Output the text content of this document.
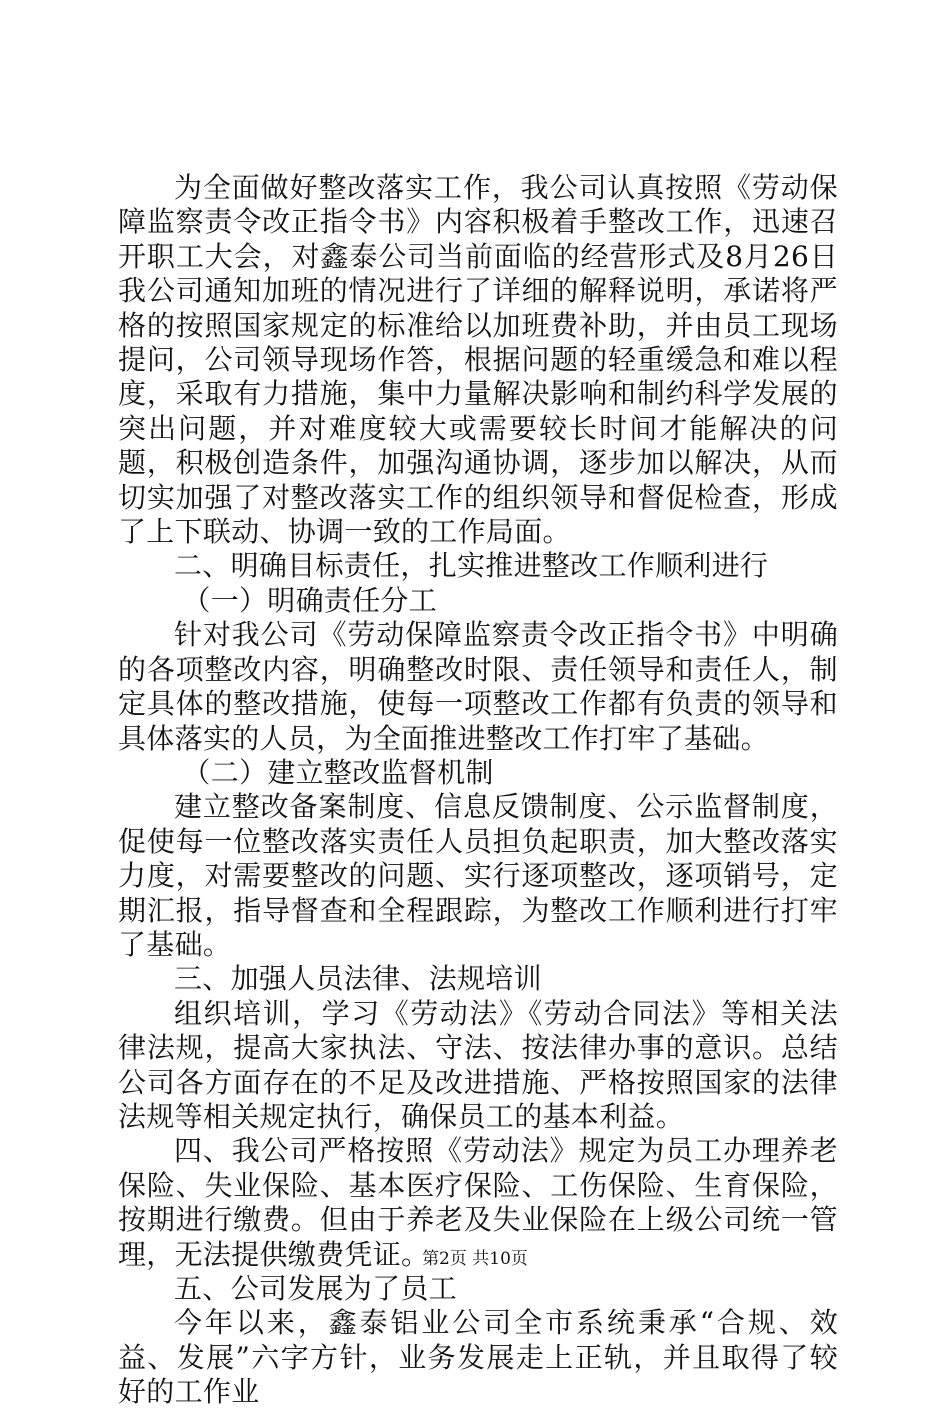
为全面做好整改落实工作，我公司认真按照《劳动保障监察责令改正指令书》内容积极着手整改工作，迅速召开职工大会，对鑫泰公司当前面临的经营形式及8月26日我公司通知加班的情况进行了详细的解释说明，承诺将严格的按照国家规定的标准给以加班费补助，并由员工现场提问，公司领导现场作答，根据问题的轻重缓急和难以程度，采取有力措施，集中力量解决影响和制约科学发展的突出问题，并对难度较大或需要较长时间才能解决的问题，积极创造条件，加强沟通协调，逐步加以解决，从而切实加强了对整改落实工作的组织领导和督促检查，形成了上下联动、协调一致的工作局面。

二、明确目标责任，扎实推进整改工作顺利进行

（一）明确责任分工

针对我公司《劳动保障监察责令改正指令书》中明确的各项整改内容，明确整改时限、责任领导和责任人，制定具体的整改措施，使每一项整改工作都有负责的领导和具体落实的人员，为全面推进整改工作打牢了基础。

（二）建立整改监督机制

建立整改备案制度、信息反馈制度、公示监督制度，促使每一位整改落实责任人员担负起职责，加大整改落实力度，对需要整改的问题、实行逐项整改，逐项销号，定期汇报，指导督查和全程跟踪，为整改工作顺利进行打牢了基础。

三、加强人员法律、法规培训

组织培训，学习《劳动法》《劳动合同法》等相关法律法规，提高大家执法、守法、按法律办事的意识。总结公司各方面存在的不足及改进措施、严格按照国家的法律法规等相关规定执行，确保员工的基本利益。

四、我公司严格按照《劳动法》规定为员工办理养老保险、失业保险、基本医疗保险、工伤保险、生育保险，按期进行缴费。但由于养老及失业保险在上级公司统一管理，无法提供缴费凭证。

五、公司发展为了员工

今年以来，鑫泰铝业公司全市系统秉承“合规、效益、发展”六字方针，业务发展走上正轨，并且取得了较好的工作业

第2页 共10页
